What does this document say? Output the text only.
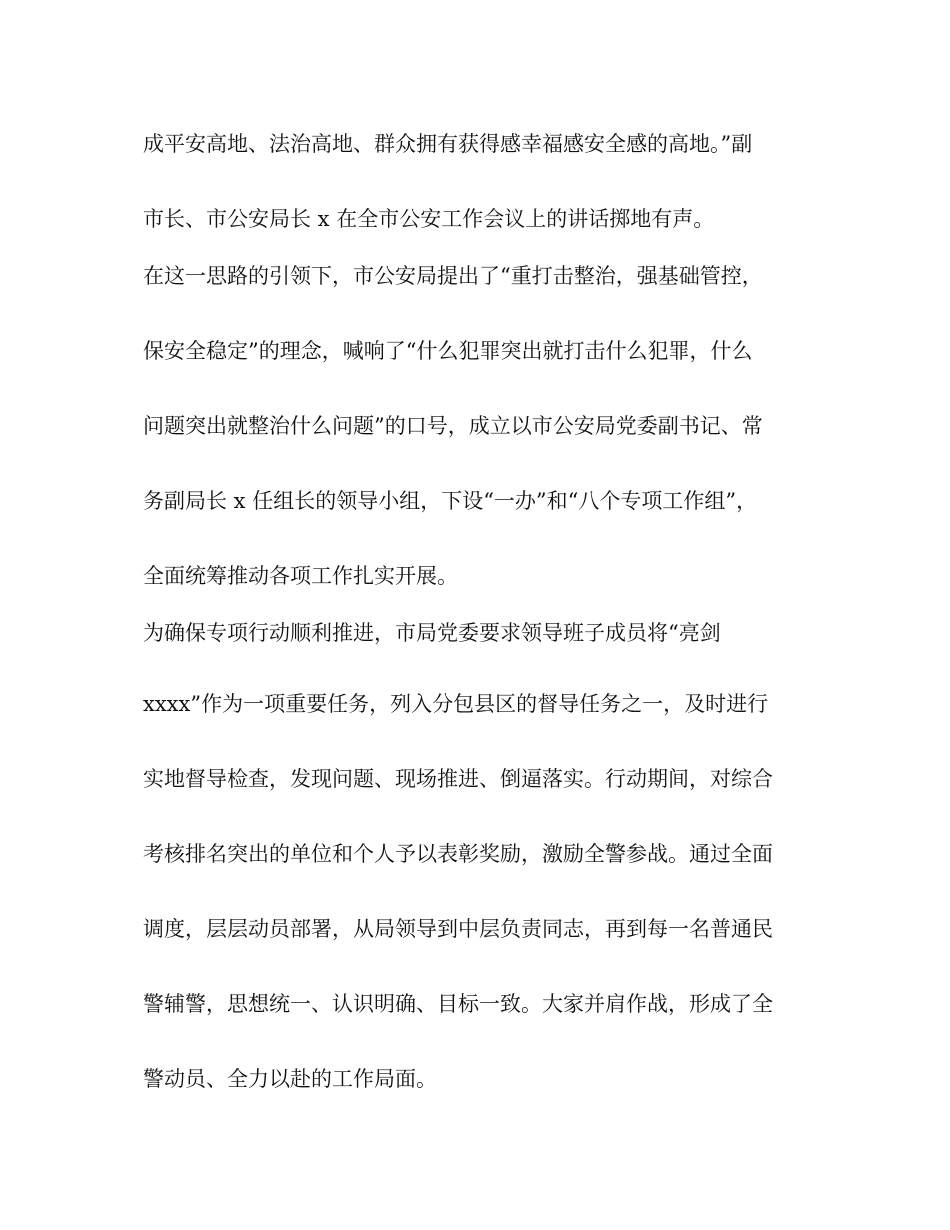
成平安高地、法治高地、群众拥有获得感幸福感安全感的高地。”副
市长、市公安局长 x 在全市公安工作会议上的讲话掷地有声。
在这一思路的引领下，市公安局提出了“重打击整治，强基础管控，
保安全稳定”的理念，喊响了“什么犯罪突出就打击什么犯罪，什么
问题突出就整治什么问题”的口号，成立以市公安局党委副书记、常
务副局长 x 任组长的领导小组，下设“一办”和“八个专项工作组”，
全面统筹推动各项工作扎实开展。
为确保专项行动顺利推进，市局党委要求领导班子成员将“亮剑
xxxx”作为一项重要任务，列入分包县区的督导任务之一，及时进行
实地督导检查，发现问题、现场推进、倒逼落实。行动期间，对综合
考核排名突出的单位和个人予以表彰奖励，激励全警参战。通过全面
调度，层层动员部署，从局领导到中层负责同志，再到每一名普通民
警辅警，思想统一、认识明确、目标一致。大家并肩作战，形成了全
警动员、全力以赴的工作局面。
